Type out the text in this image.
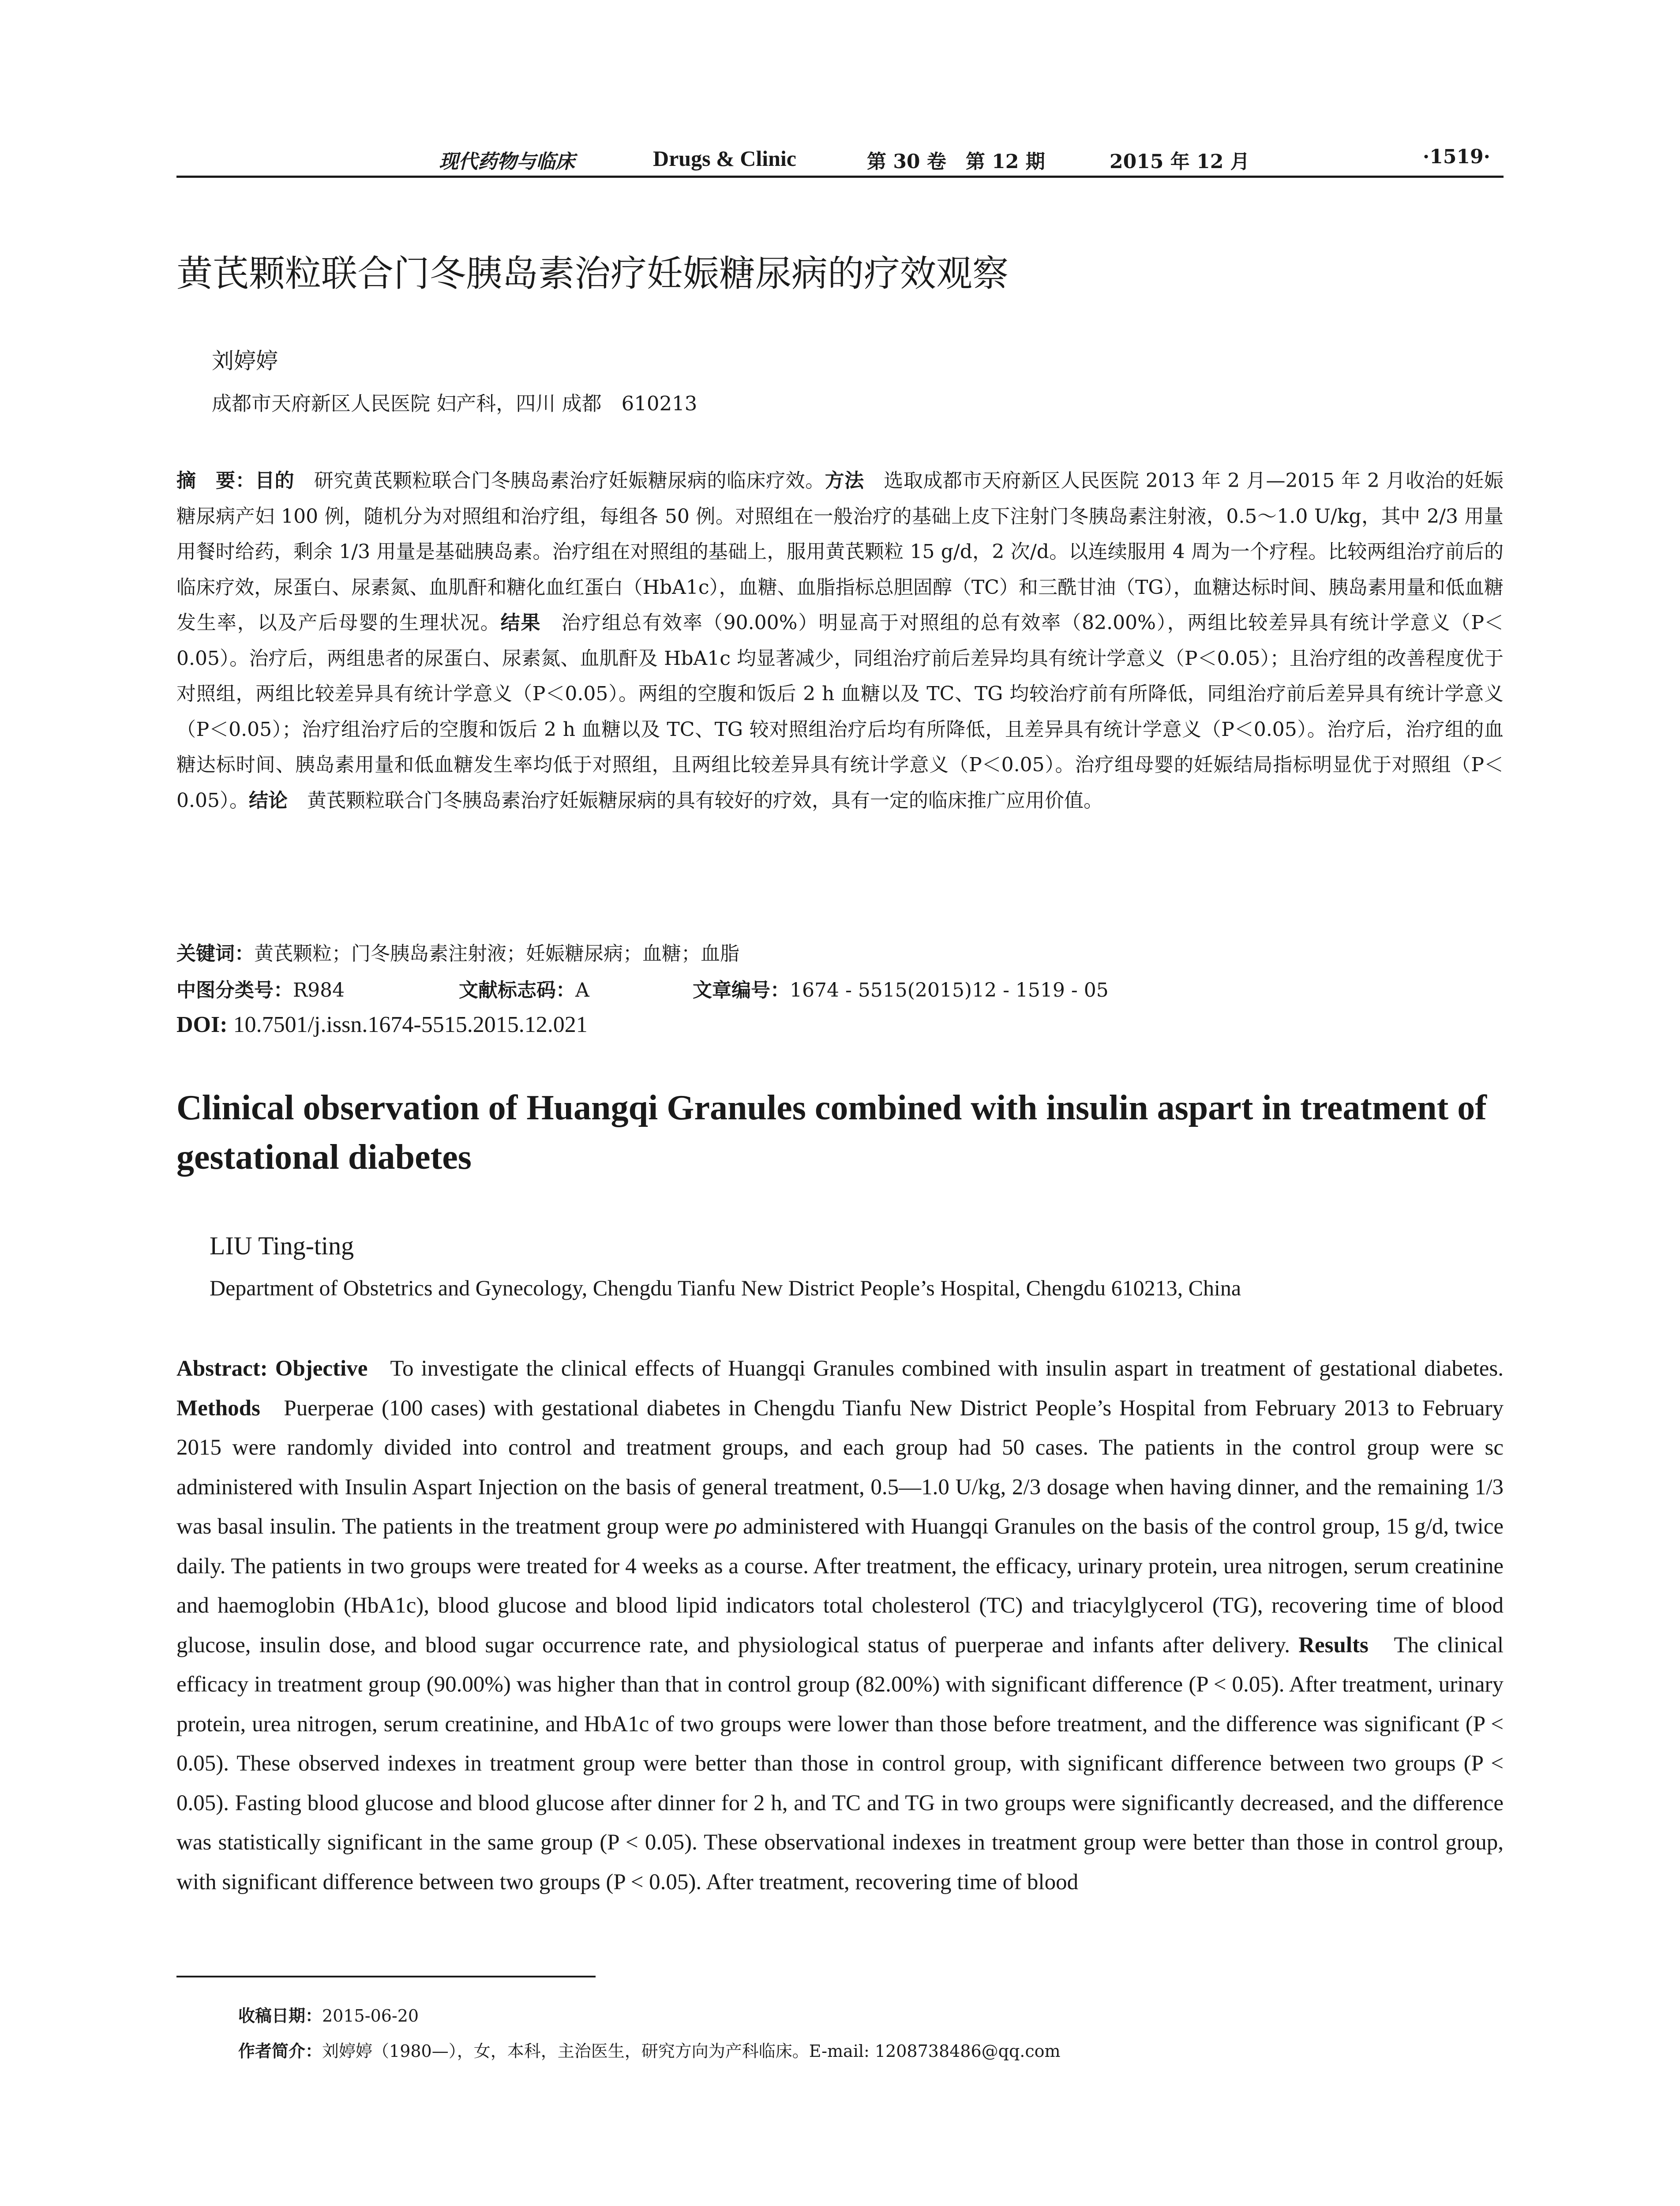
现代药物与临床	Drugs & Clinic	第 30 卷　第 12 期	2015 年 12 月	·1519·
黄芪颗粒联合门冬胰岛素治疗妊娠糖尿病的疗效观察
刘婷婷
成都市天府新区人民医院 妇产科，四川 成都　610213

摘　要：目的　 研究黄芪颗粒联合门冬胰岛素治疗妊娠糖尿病的临床疗效。方法　 选取成都市天府新区人民医院 2013 年 2 月—2015 年 2 月收治的妊娠糖尿病产妇 100 例，随机分为对照组和治疗组，每组各 50 例。对照组在一般治疗的基础上皮下注射门冬胰岛素注射液，0.5～1.0 U/kg，其中 2/3 用量用餐时给药，剩余 1/3 用量是基础胰岛素。治疗组在对照组的基础上，服用黄芪颗粒 15 g/d，2 次/d。以连续服用 4 周为一个疗程。比较两组治疗前后的临床疗效，尿蛋白、尿素氮、血肌酐和糖化血红蛋白（HbA1c），血糖、血脂指标总胆固醇（TC）和三酰甘油（TG），血糖达标时间、胰岛素用量和低血糖发生率，以及产后母婴的生理状况。结果　 治疗组总有效率（90.00%）明显高于对照组的总有效率（82.00%），两组比较差异具有统计学意义（P＜0.05）。治疗后，两组患者的尿蛋白、尿素氮、血肌酐及 HbA1c 均显著减少，同组治疗前后差异均具有统计学意义（P＜0.05）；且治疗组的改善程度优于对照组，两组比较差异具有统计学意义（P＜0.05）。两组的空腹和饭后 2 h 血糖以及 TC、TG 均较治疗前有所降低，同组治疗前后差异具有统计学意义（P＜0.05）；治疗组治疗后的空腹和饭后 2 h 血糖以及 TC、TG 较对照组治疗后均有所降低，且差异具有统计学意义（P＜0.05）。治疗后，治疗组的血糖达标时间、胰岛素用量和低血糖发生率均低于对照组，且两组比较差异具有统计学意义（P＜0.05）。治疗组母婴的妊娠结局指标明显优于对照组（P＜0.05）。结论　 黄芪颗粒联合门冬胰岛素治疗妊娠糖尿病的具有较好的疗效，具有一定的临床推广应用价值。

关键词：黄芪颗粒；门冬胰岛素注射液；妊娠糖尿病；血糖；血脂
中图分类号：R984	文献标志码：A	文章编号：1674 - 5515(2015)12 - 1519 - 05
DOI: 10.7501/j.issn.1674-5515.2015.12.021
Clinical observation of Huangqi Granules combined with insulin aspart in treatment of gestational diabetes
LIU Ting-ting
Department of Obstetrics and Gynecology, Chengdu Tianfu New District People’s Hospital, Chengdu 610213, China

Abstract: Objective To investigate the clinical effects of Huangqi Granules combined with insulin aspart in treatment of gestational diabetes. Methods Puerperae (100 cases) with gestational diabetes in Chengdu Tianfu New District People’s Hospital from February 2013 to February 2015 were randomly divided into control and treatment groups, and each group had 50 cases. The patients in the control group were sc administered with Insulin Aspart Injection on the basis of general treatment, 0.5—1.0 U/kg, 2/3 dosage when having dinner, and the remaining 1/3 was basal insulin. The patients in the treatment group were po administered with Huangqi Granules on the basis of the control group, 15 g/d, twice daily. The patients in two groups were treated for 4 weeks as a course. After treatment, the efficacy, urinary protein, urea nitrogen, serum creatinine and haemoglobin (HbA1c), blood glucose and blood lipid indicators total cholesterol (TC) and triacylglycerol (TG), recovering time of blood glucose, insulin dose, and blood sugar occurrence rate, and physiological status of puerperae and infants after delivery. Results The clinical efficacy in treatment group (90.00%) was higher than that in control group (82.00%) with significant difference (P < 0.05). After treatment, urinary protein, urea nitrogen, serum creatinine, and HbA1c of two groups were lower than those before treatment, and the difference was significant (P < 0.05). These observed indexes in treatment group were better than those in control group, with significant difference between two groups (P < 0.05). Fasting blood glucose and blood glucose after dinner for 2 h, and TC and TG in two groups were significantly decreased, and the difference was statistically significant in the same group (P < 0.05). These observational indexes in treatment group were better than those in control group, with significant difference between two groups (P < 0.05). After treatment, recovering time of blood

收稿日期：2015-06-20
作者简介：刘婷婷（1980—），女，本科，主治医生，研究方向为产科临床。E-mail: 1208738486@qq.com
